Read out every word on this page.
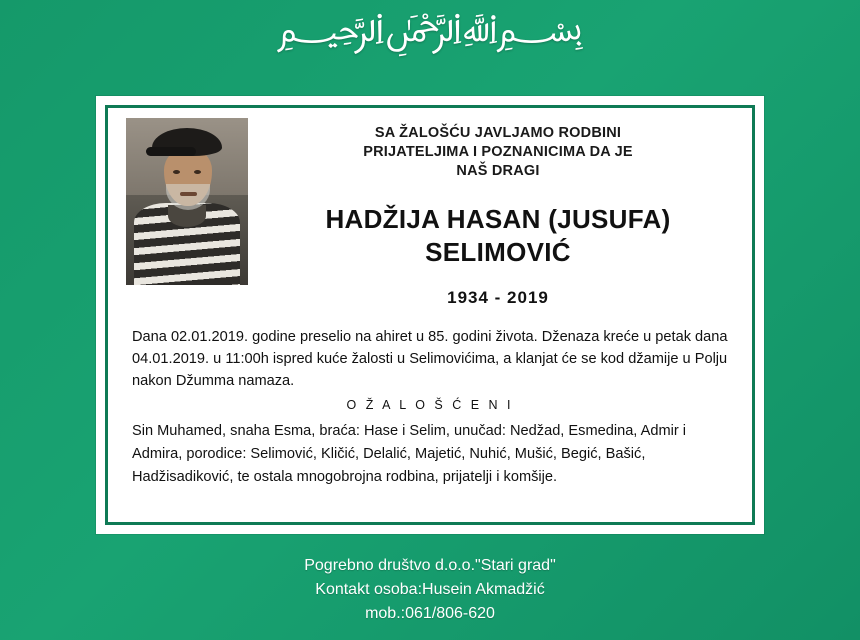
﷽
SA ŽALOŠĆU JAVLJAMO RODBINI
PRIJATELJIMA I POZNANICIMA DA JE
NAŠ DRAGI
HADŽIJA HASAN (JUSUFA)
SELIMOVIĆ
1934 - 2019
Dana 02.01.2019. godine preselio na ahiret u 85. godini života. Dženaza kreće u petak dana 04.01.2019. u 11:00h ispred kuće žalosti u Selimovićima, a klanjat će se kod džamije u Polju nakon Džumma namaza.
O Ž A L O Š Ć E N I
Sin Muhamed, snaha Esma, braća: Hase i Selim, unučad: Nedžad, Esmedina, Admir i Admira, porodice: Selimović, Kličić, Delalić, Majetić, Nuhić, Mušić, Begić, Bašić, Hadžisadiković, te ostala mnogobrojna rodbina, prijatelji i komšije.
Pogrebno društvo d.o.o."Stari grad"
Kontakt osoba:Husein Akmadžić
mob.:061/806-620
